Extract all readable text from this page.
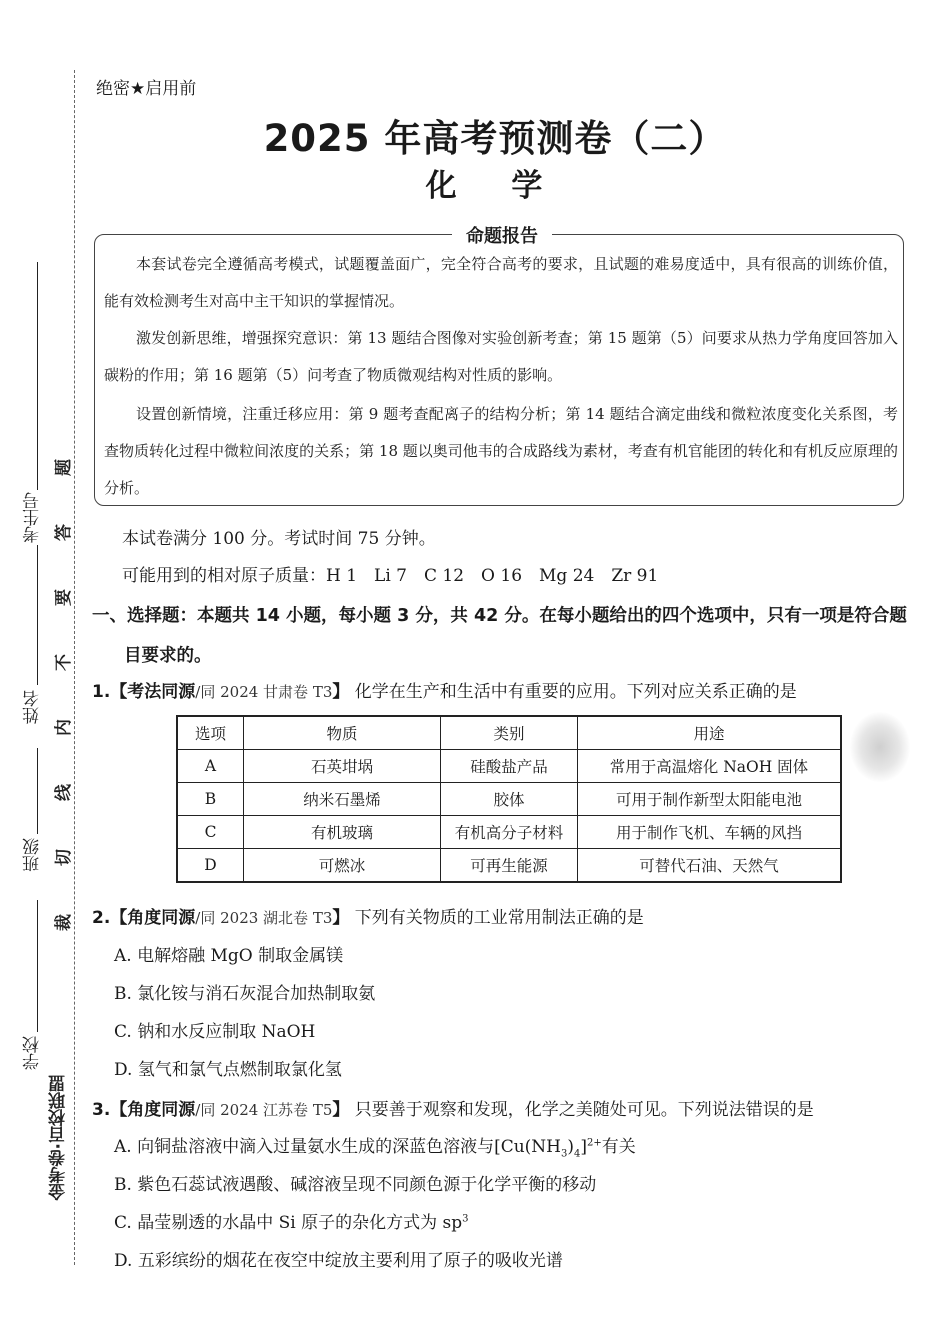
考生号
姓名
班级
学校
金考卷·百校联盟
题
答
要
不
内
线
切
裁
绝密★启用前
2025 年高考预测卷（二）
化 学
命题报告
本套试卷完全遵循高考模式，试题覆盖面广，完全符合高考的要求，且试题的难易度适中，具有很高的训练价值，能有效检测考生对高中主干知识的掌握情况。
激发创新思维，增强探究意识：第 13 题结合图像对实验创新考查；第 15 题第（5）问要求从热力学角度回答加入碳粉的作用；第 16 题第（5）问考查了物质微观结构对性质的影响。
设置创新情境，注重迁移应用：第 9 题考查配离子的结构分析；第 14 题结合滴定曲线和微粒浓度变化关系图，考查物质转化过程中微粒间浓度的关系；第 18 题以奥司他韦的合成路线为素材，考查有机官能团的转化和有机反应原理的分析。
本试卷满分 100 分。考试时间 75 分钟。
可能用到的相对原子质量：H 1　Li 7　C 12　O 16　Mg 24　Zr 91
一、选择题：本题共 14 小题，每小题 3 分，共 42 分。在每小题给出的四个选项中，只有一项是符合题
目要求的。
1.【考法同源/同 2024 甘肃卷 T3】 化学在生产和生活中有重要的应用。下列对应关系正确的是
选项	物质	类别	用途
A	石英坩埚	硅酸盐产品	常用于高温熔化 NaOH 固体
B	纳米石墨烯	胶体	可用于制作新型太阳能电池
C	有机玻璃	有机高分子材料	用于制作飞机、车辆的风挡
D	可燃冰	可再生能源	可替代石油、天然气
2.【角度同源/同 2023 湖北卷 T3】 下列有关物质的工业常用制法正确的是
A. 电解熔融 MgO 制取金属镁
B. 氯化铵与消石灰混合加热制取氨
C. 钠和水反应制取 NaOH
D. 氢气和氯气点燃制取氯化氢
3.【角度同源/同 2024 江苏卷 T5】 只要善于观察和发现，化学之美随处可见。下列说法错误的是
A. 向铜盐溶液中滴入过量氨水生成的深蓝色溶液与$[Cu(NH_3)_4]^{2+}$有关
B. 紫色石蕊试液遇酸、碱溶液呈现不同颜色源于化学平衡的移动
C. 晶莹剔透的水晶中 Si 原子的杂化方式为 $sp^3$
D. 五彩缤纷的烟花在夜空中绽放主要利用了原子的吸收光谱
